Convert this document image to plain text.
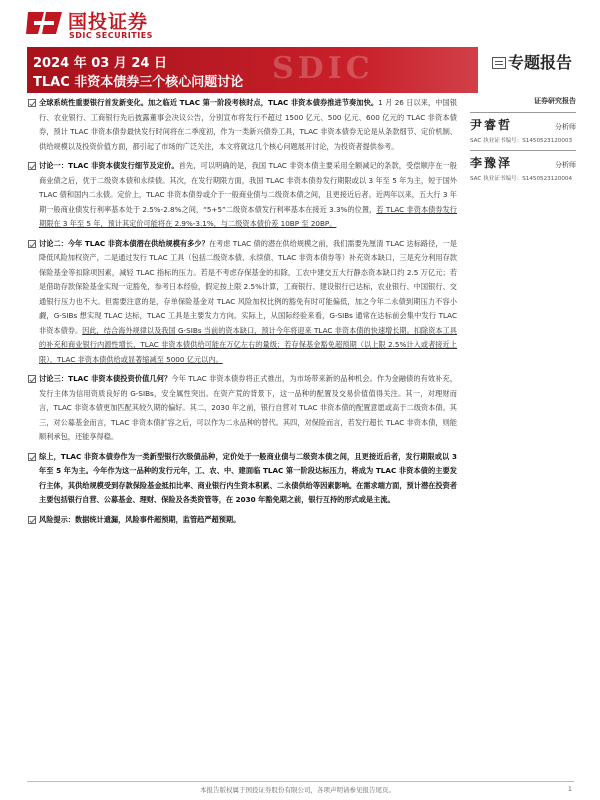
国投证券
SDIC SECURITIES
SDIC
2024 年 03 月 24 日
TLAC 非资本债券三个核心问题讨论
专题报告
全球系统性重要银行首发新变化。加之临近 TLAC 第一阶段考核时点，TLAC 非资本债券推进节奏加快。1 月 26 日以来，中国银行、农业银行、工商银行先后披露董事会决议公告，分别宣布将发行不超过 1500 亿元、500 亿元、600 亿元的 TLAC 非资本债券，预计 TLAC 非资本债券最快发行时间将在二季度初，作为一类新兴债券工具，TLAC 非资本债券无论是从条款细节、定价机制、供给规模以及投资价值方面，都引起了市场的广泛关注，本文将就这几个核心问题展开讨论，为投资者提供参考。
讨论一：TLAC 非资本债发行细节及定价。首先，可以明确的是，我国 TLAC 非资本债主要采用全额减记的条款，受偿顺序在一般商业债之后，优于二级资本债和永续债。其次，在发行期限方面，我国 TLAC 非资本债券发行期限或以 3 年至 5 年为主，短于国外 TLAC 债和国内二永债。定价上，TLAC 非资本债券或介于一般商业债与二级资本债之间，且更接近后者。近两年以来，五大行 3 年期一般商业债发行利率基本处于 2.5%-2.8%之间，“5+5”二级资本债发行利率基本在接近 3.3%的位置，若 TLAC 非资本债券发行期限在 3 年至 5 年，预计其定价可能将在 2.9%-3.1%，与二级资本债价差 10BP 至 20BP。
讨论二：今年 TLAC 非资本债潜在供给规模有多少？在考虑 TLAC 债的潜在供给规模之前，我们需要先厘清 TLAC 达标路径，一是降低风险加权资产，二是通过发行 TLAC 工具（包括二级资本债、永续债、TLAC 非资本债券等）补充资本缺口，三是充分利用存款保险基金等扣除项因素，减轻 TLAC 指标的压力。若是不考虑存保基金的扣除，工农中建交五大行静态资本缺口约 2.5 万亿元；若是借助存款保险基金实现一定豁免，参考日本经验，假定按上限 2.5%计算，工商银行、建设银行已达标，农业银行、中国银行、交通银行压力也不大。但需要注意的是，存单保险基金对 TLAC 风险加权比例的豁免有时可能偏低，加之今年二永债到期压力不容小觑，G-SIBs 想实现 TLAC 达标，TLAC 工具是主要发力方向。实际上，从国际经验来看，G-SIBs 通常在达标前会集中发行 TLAC 非资本债券。因此，结合海外规律以及我国 G-SIBs 当前的资本缺口，预计今年将迎来 TLAC 非资本债的快速增长期。扣除资本工具的补充和商业银行内源性增长，TLAC 非资本债供给可能在万亿左右的量级；若存保基金豁免超预期（以上限 2.5%计入或者接近上限），TLAC 非资本债供给或显著缩减至 5000 亿元以内。
讨论三：TLAC 非资本债投资价值几何？今年 TLAC 非资本债券将正式推出，为市场带来新的品种机会。作为金融债的有效补充，发行主体为信用资质良好的 G-SIBs，安全属性突出。在资产荒的背景下，这一品种的配置及交易价值值得关注。其一，对理财而言，TLAC 非资本债更加匹配其较久期的偏好。其二，2030 年之前，银行自营对 TLAC 非资本债的配置意愿或高于二级资本债。其三，对公募基金而言，TLAC 非资本债扩容之后，可以作为二永品种的替代。其四，对保险而言，若发行超长 TLAC 非资本债，则能顺利承包，还能享得稳。
综上，TLAC 非资本债券作为一类新型银行次级债品种，定价处于一般商业债与二级资本债之间，且更接近后者，发行期限或以 3 年至 5 年为主。今年作为这一品种的发行元年，工、农、中、建面临 TLAC 第一阶段达标压力，将成为 TLAC 非资本债的主要发行主体，其供给规模受到存款保险基金抵扣比率、商业银行内生资本积累、二永债供给等因素影响。在需求端方面，预计潜在投资者主要包括银行自营、公募基金、理财、保险及各类资管等，在 2030 年豁免期之前，银行互持的形式或是主流。
风险提示：数据统计遗漏，风险事件超预期，监管趋严超预期。
证券研究报告
尹睿哲	分析师
SAC 执业证书编号：S1450523120003
李豫泽	分析师
SAC 执业证书编号：S1450523120004
本报告版权属于国投证券股份有限公司，各项声明请参见报告尾页。	1
